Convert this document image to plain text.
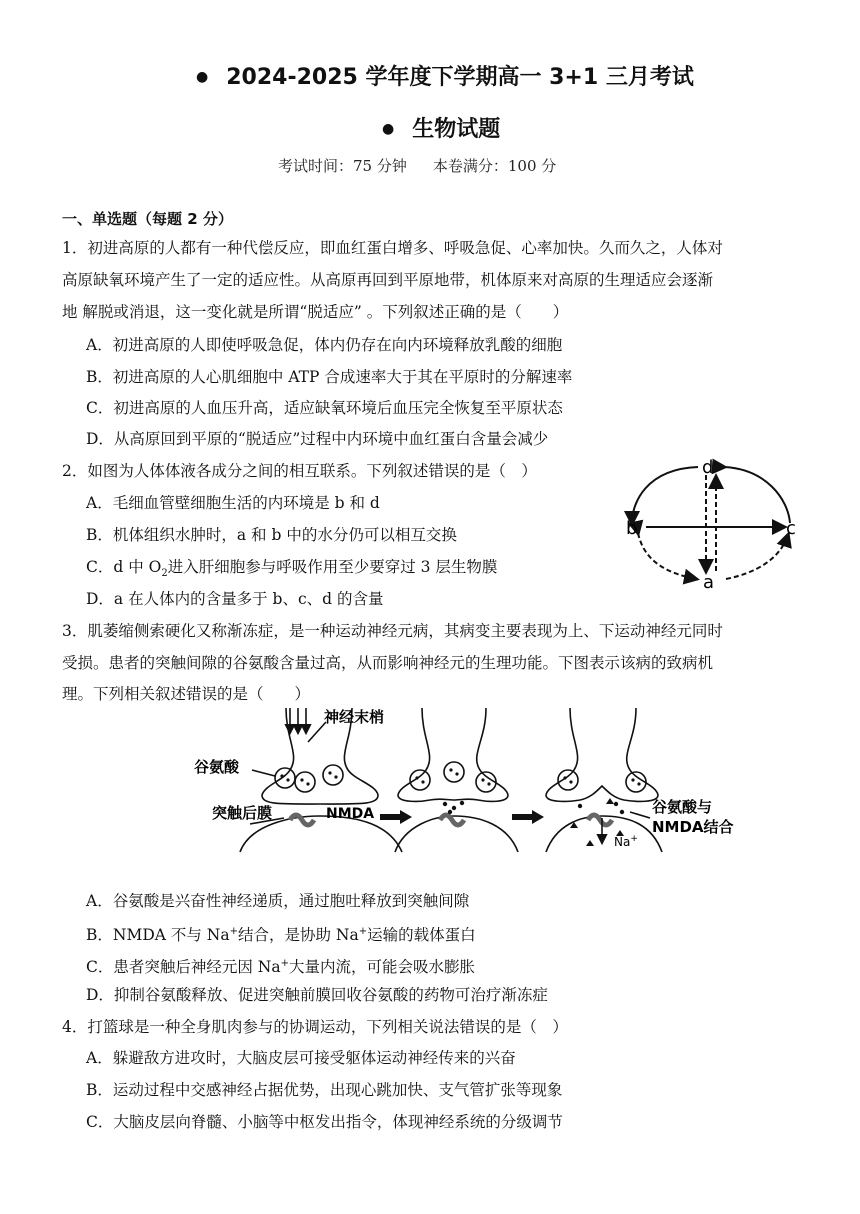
● 2024-2025 学年度下学期高一 3+1 三月考试
● 生物试题
考试时间：75 分钟 本卷满分：100 分
一、单选题（每题 2 分）
1．初进高原的人都有一种代偿反应，即血红蛋白增多、呼吸急促、心率加快。久而久之，人体对
高原缺氧环境产生了一定的适应性。从高原再回到平原地带，机体原来对高原的生理适应会逐渐
地 解脱或消退，这一变化就是所谓“脱适应” 。下列叙述正确的是（　　）
A．初进高原的人即使呼吸急促，体内仍存在向内环境释放乳酸的细胞
B．初进高原的人心肌细胞中 ATP 合成速率大于其在平原时的分解速率
C．初进高原的人血压升高，适应缺氧环境后血压完全恢复至平原状态
D．从高原回到平原的“脱适应”过程中内环境中血红蛋白含量会减少
2．如图为人体体液各成分之间的相互联系。下列叙述错误的是（　）
A．毛细血管壁细胞生活的内环境是 b 和 d
B．机体组织水肿时，a 和 b 中的水分仍可以相互交换
C．d 中 $O_2$进入肝细胞参与呼吸作用至少要穿过 3 层生物膜
D．a 在人体内的含量多于 b、c、d 的含量
d
b	c
a
3．肌萎缩侧索硬化又称渐冻症，是一种运动神经元病，其病变主要表现为上、下运动神经元同时
受损。患者的突触间隙的谷氨酸含量过高，从而影响神经元的生理功能。下图表示该病的致病机
理。下列相关叙述错误的是（　　）
神经末梢
谷氨酸
突触后膜	NMDA	谷氨酸与
NMDA结合
Na+
A．谷氨酸是兴奋性神经递质，通过胞吐释放到突触间隙
B．NMDA 不与 Na+结合，是协助 Na+运输的载体蛋白
C．患者突触后神经元因 Na+大量内流，可能会吸水膨胀
D．抑制谷氨酸释放、促进突触前膜回收谷氨酸的药物可治疗渐冻症
4．打篮球是一种全身肌肉参与的协调运动，下列相关说法错误的是（　）
A．躲避敌方进攻时，大脑皮层可接受躯体运动神经传来的兴奋
B．运动过程中交感神经占据优势，出现心跳加快、支气管扩张等现象
C．大脑皮层向脊髓、小脑等中枢发出指令，体现神经系统的分级调节
